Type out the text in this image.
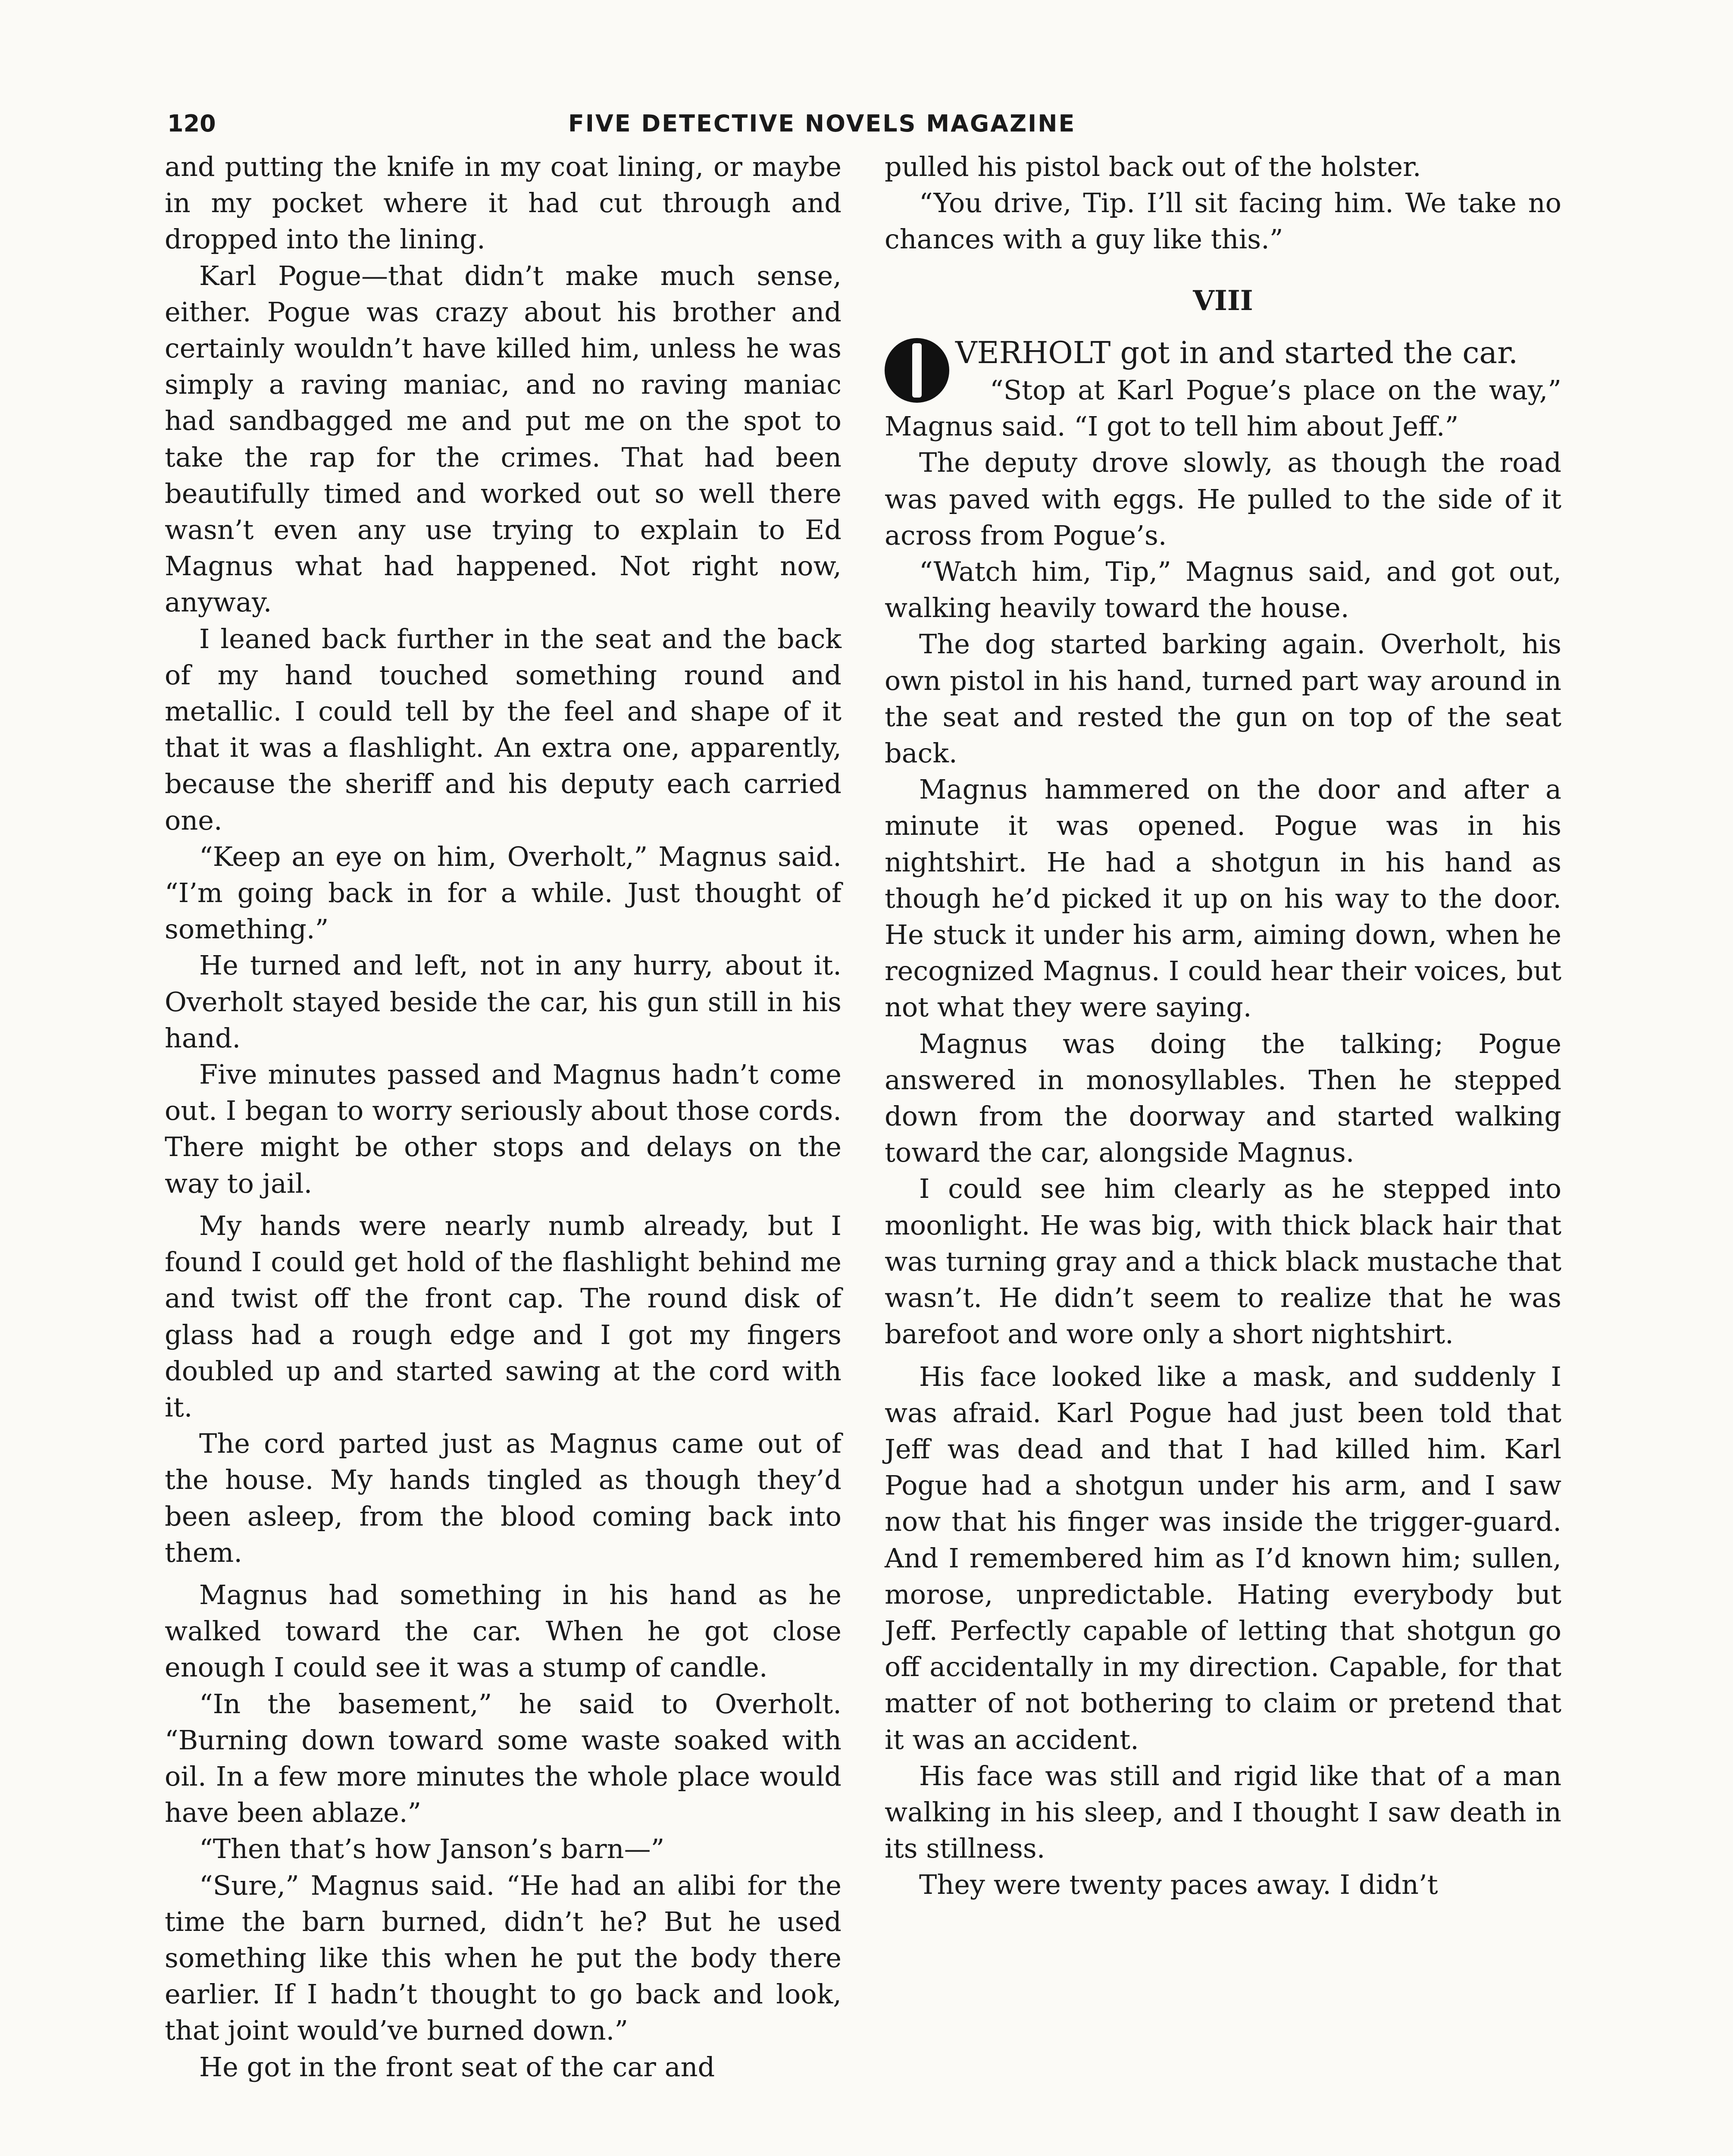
120	FIVE DETECTIVE NOVELS MAGAZINE

and putting the knife in my coat lining, or maybe in my pocket where it had cut through and dropped into the lining.

Karl Pogue—that didn’t make much sense, either. Pogue was crazy about his brother and certainly wouldn’t have killed him, unless he was simply a raving maniac, and no raving maniac had sandbagged me and put me on the spot to take the rap for the crimes. That had been beautifully timed and worked out so well there wasn’t even any use trying to explain to Ed Magnus what had happened. Not right now, anyway.

I leaned back further in the seat and the back of my hand touched something round and metallic. I could tell by the feel and shape of it that it was a flashlight. An extra one, apparently, because the sheriff and his deputy each carried one.

“Keep an eye on him, Overholt,” Magnus said. “I’m going back in for a while. Just thought of something.”

He turned and left, not in any hurry, about it. Overholt stayed beside the car, his gun still in his hand.

Five minutes passed and Magnus hadn’t come out. I began to worry seriously about those cords. There might be other stops and delays on the way to jail.

My hands were nearly numb already, but I found I could get hold of the flashlight behind me and twist off the front cap. The round disk of glass had a rough edge and I got my fingers doubled up and started sawing at the cord with it.

The cord parted just as Magnus came out of the house. My hands tingled as though they’d been asleep, from the blood coming back into them.

Magnus had something in his hand as he walked toward the car. When he got close enough I could see it was a stump of candle.

“In the basement,” he said to Overholt. “Burning down toward some waste soaked with oil. In a few more minutes the whole place would have been ablaze.”

“Then that’s how Janson’s barn—”

“Sure,” Magnus said. “He had an alibi for the time the barn burned, didn’t he? But he used something like this when he put the body there earlier. If I hadn’t thought to go back and look, that joint would’ve burned down.”

He got in the front seat of the car and

pulled his pistol back out of the holster.

“You drive, Tip. I’ll sit facing him. We take no chances with a guy like this.”

VIII

VERHOLT got in and started the car.

“Stop at Karl Pogue’s place on the way,” Magnus said. “I got to tell him about Jeff.”

The deputy drove slowly, as though the road was paved with eggs. He pulled to the side of it across from Pogue’s.

“Watch him, Tip,” Magnus said, and got out, walking heavily toward the house.

The dog started barking again. Overholt, his own pistol in his hand, turned part way around in the seat and rested the gun on top of the seat back.

Magnus hammered on the door and after a minute it was opened. Pogue was in his nightshirt. He had a shotgun in his hand as though he’d picked it up on his way to the door. He stuck it under his arm, aiming down, when he recognized Magnus. I could hear their voices, but not what they were saying.

Magnus was doing the talking; Pogue answered in monosyllables. Then he stepped down from the doorway and started walking toward the car, alongside Magnus.

I could see him clearly as he stepped into moonlight. He was big, with thick black hair that was turning gray and a thick black mustache that wasn’t. He didn’t seem to realize that he was barefoot and wore only a short nightshirt.

His face looked like a mask, and suddenly I was afraid. Karl Pogue had just been told that Jeff was dead and that I had killed him. Karl Pogue had a shotgun under his arm, and I saw now that his finger was inside the trigger-guard. And I remembered him as I’d known him; sullen, morose, unpredictable. Hating everybody but Jeff. Perfectly capable of letting that shotgun go off accidentally in my direction. Capable, for that matter of not bothering to claim or pretend that it was an accident.

His face was still and rigid like that of a man walking in his sleep, and I thought I saw death in its stillness.

They were twenty paces away. I didn’t
